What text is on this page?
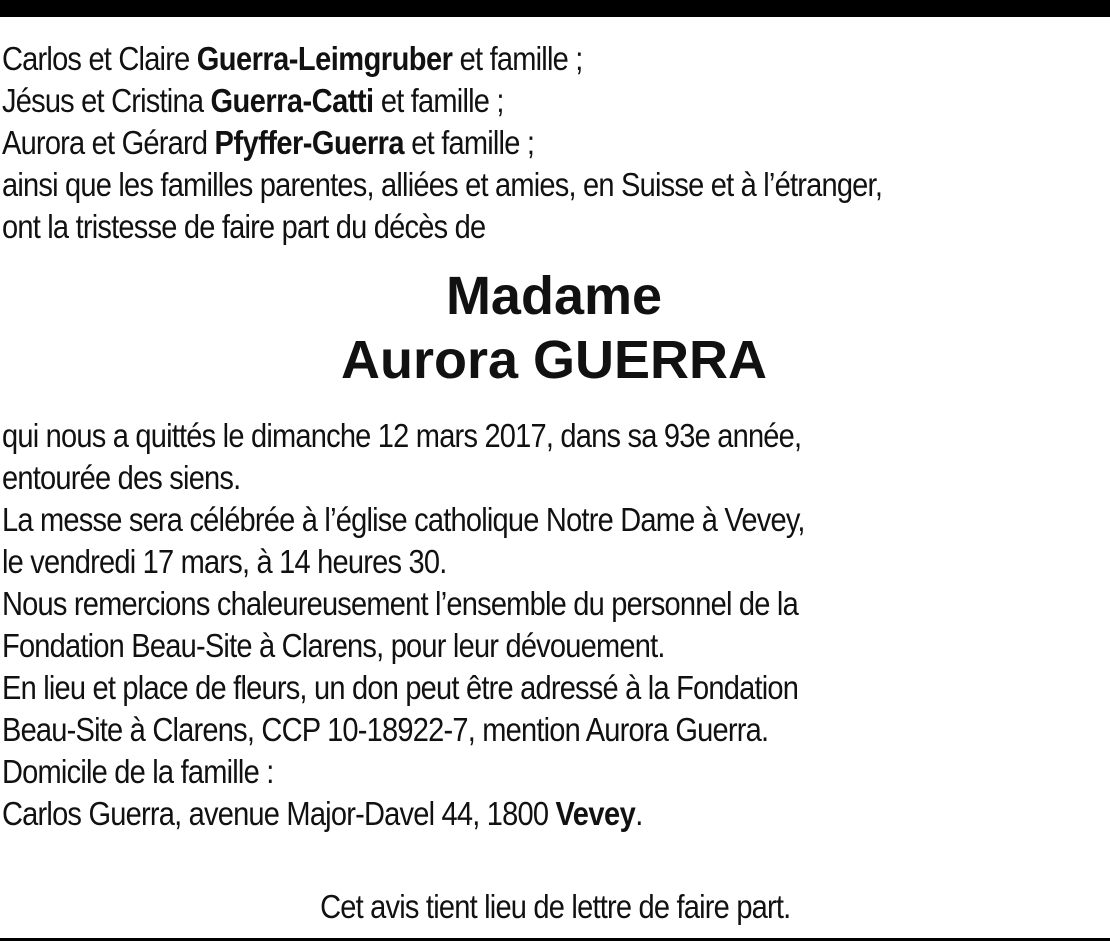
Carlos et Claire Guerra-Leimgruber et famille ;
Jésus et Cristina Guerra-Catti et famille ;
Aurora et Gérard Pfyffer-Guerra et famille ;
ainsi que les familles parentes, alliées et amies, en Suisse et à l’étranger,
ont la tristesse de faire part du décès de
Madame
Aurora GUERRA
qui nous a quittés le dimanche 12 mars 2017, dans sa 93e année,
entourée des siens.
La messe sera célébrée à l’église catholique Notre Dame à Vevey,
le vendredi 17 mars, à 14 heures 30.
Nous remercions chaleureusement l’ensemble du personnel de la
Fondation Beau-Site à Clarens, pour leur dévouement.
En lieu et place de fleurs, un don peut être adressé à la Fondation
Beau-Site à Clarens, CCP 10-18922-7, mention Aurora Guerra.
Domicile de la famille :
Carlos Guerra, avenue Major-Davel 44, 1800 Vevey.
Cet avis tient lieu de lettre de faire part.
